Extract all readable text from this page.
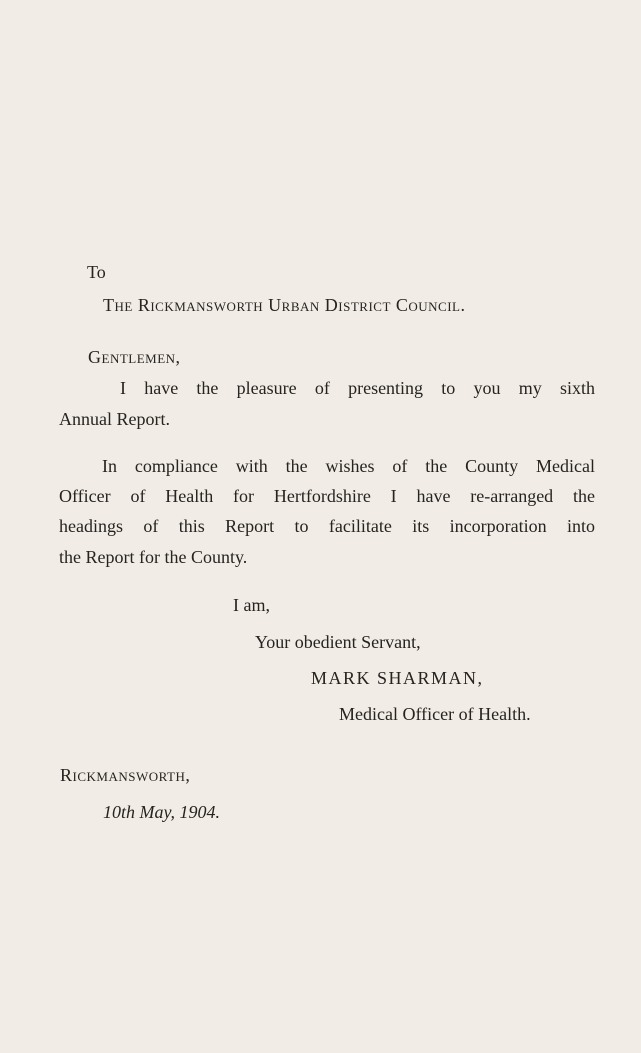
To
The Rickmansworth Urban District Council.
Gentlemen,
I have the pleasure of presenting to you my sixth
Annual Report.
In compliance with the wishes of the County Medical
Officer of Health for Hertfordshire I have re-arranged the
headings of this Report to facilitate its incorporation into
the Report for the County.
I am,
Your obedient Servant,
MARK SHARMAN,
Medical Officer of Health.
Rickmansworth,
10th May, 1904.
